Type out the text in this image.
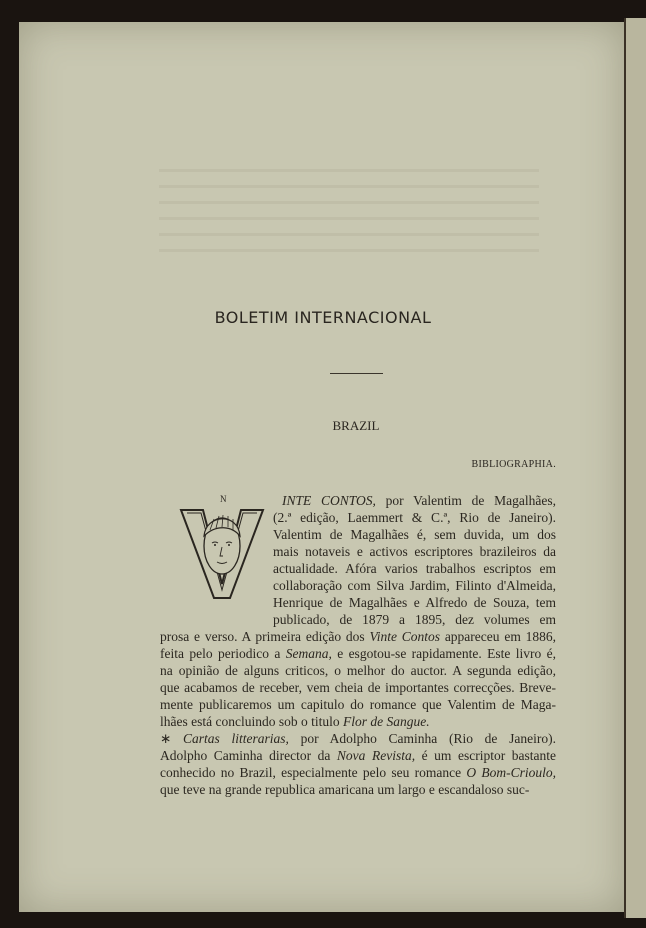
BOLETIM INTERNACIONAL
BRAZIL
BIBLIOGRAPHIA.
N	INTE CONTOS, por Valentim de Magalhães,

(2.ª edição, Laemmert & C.ª, Rio de Janeiro).

Valentim de Magalhães é, sem duvida, um dos

mais notaveis e activos escriptores brazileiros da

actualidade. Afóra varios trabalhos escriptos em

collaboração com Silva Jardim, Filinto d'Almeida,

Henrique de Magalhães e Alfredo de Souza, tem

publicado, de 1879 a 1895, dez volumes em

prosa e verso. A primeira edição dos Vinte Contos appareceu em 1886,

feita pelo periodico a Semana, e esgotou-se rapidamente. Este livro é,

na opinião de alguns criticos, o melhor do auctor. A segunda edição,

que acabamos de receber, vem cheia de importantes correcções. Breve-

mente publicaremos um capitulo do romance que Valentim de Maga-

lhães está concluindo sob o titulo Flor de Sangue.

∗ Cartas litterarias, por Adolpho Caminha (Rio de Janeiro).

Adolpho Caminha director da Nova Revista, é um escriptor bastante

conhecido no Brazil, especialmente pelo seu romance O Bom-Crioulo,

que teve na grande republica amaricana um largo e escandaloso suc-
